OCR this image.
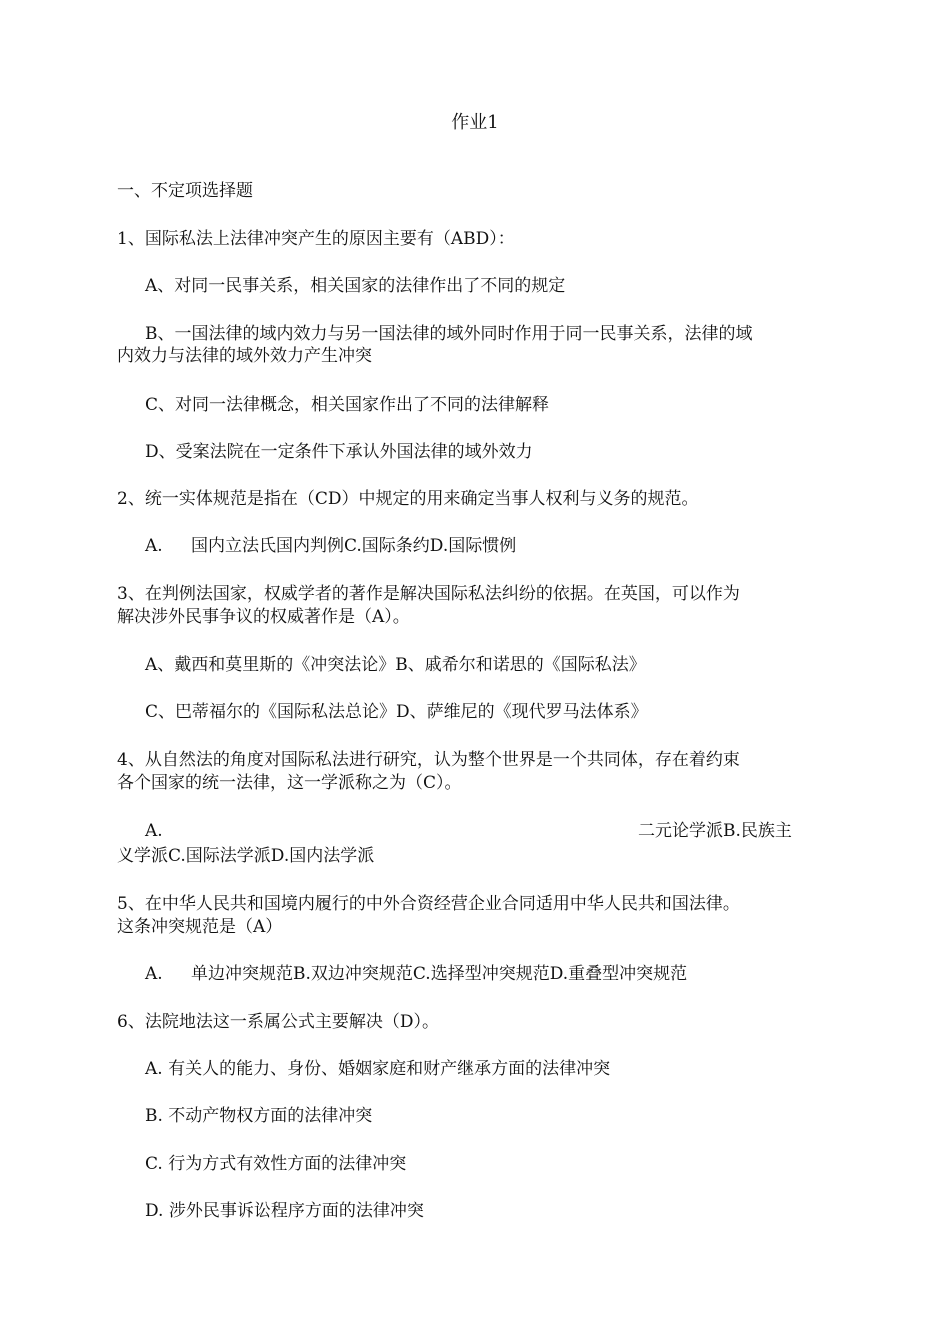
作业1
一、不定项选择题
1、国际私法上法律冲突产生的原因主要有（ABD）：
A、对同一民事关系，相关国家的法律作出了不同的规定
B、一国法律的域内效力与另一国法律的域外同时作用于同一民事关系，法律的域
内效力与法律的域外效力产生冲突
C、对同一法律概念，相关国家作出了不同的法律解释
D、受案法院在一定条件下承认外国法律的域外效力
2、统一实体规范是指在（CD）中规定的用来确定当事人权利与义务的规范。
A. 国内立法氏国内判例C.国际条约D.国际惯例
3、在判例法国家，权威学者的著作是解决国际私法纠纷的依据。在英国，可以作为
解决涉外民事争议的权威著作是（A）。
A、戴西和莫里斯的《冲突法论》B、戚希尔和诺思的《国际私法》
C、巴蒂福尔的《国际私法总论》D、萨维尼的《现代罗马法体系》
4、从自然法的角度对国际私法进行研究，认为整个世界是一个共同体，存在着约束
各个国家的统一法律，这一学派称之为（C）。
A.	二元论学派B.民族主
义学派C.国际法学派D.国内法学派
5、在中华人民共和国境内履行的中外合资经营企业合同适用中华人民共和国法律。
这条冲突规范是（A）
A. 单边冲突规范B.双边冲突规范C.选择型冲突规范D.重叠型冲突规范
6、法院地法这一系属公式主要解决（D）。
A. 有关人的能力、身份、婚姻家庭和财产继承方面的法律冲突
B. 不动产物权方面的法律冲突
C. 行为方式有效性方面的法律冲突
D. 涉外民事诉讼程序方面的法律冲突
